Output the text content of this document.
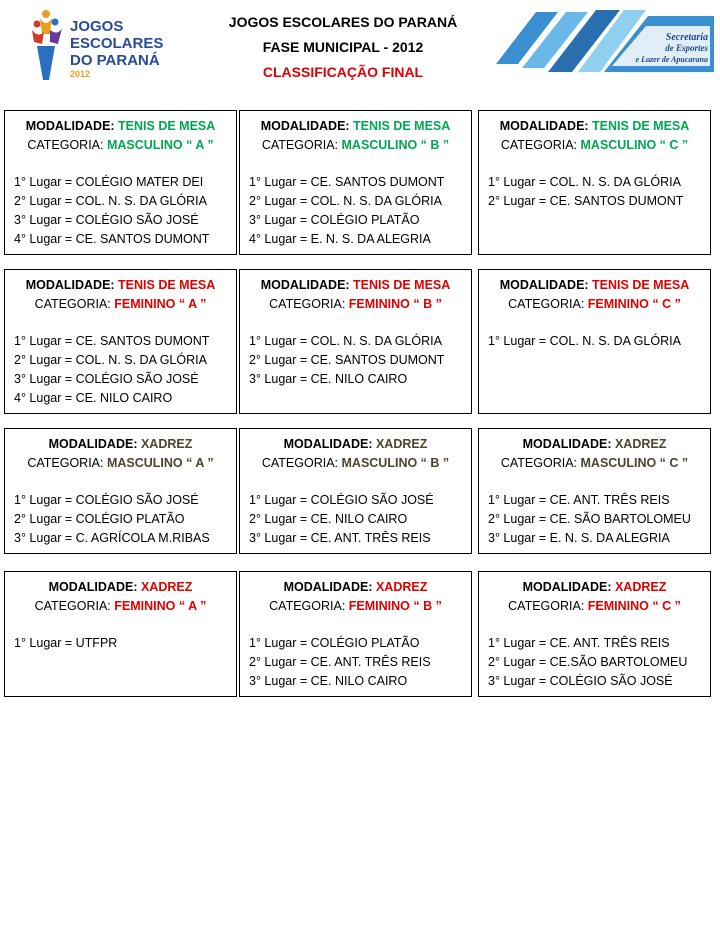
JOGOS
ESCOLARES
DO PARANÁ
2012
JOGOS ESCOLARES DO PARANÁ
FASE MUNICIPAL - 2012
CLASSIFICAÇÃO FINAL
Secretaria
de Esportes
e Lazer de Apucarana
MODALIDADE: TENIS DE MESA
CATEGORIA: MASCULINO “ A ”
1° Lugar = COLÉGIO MATER DEI
2° Lugar = COL. N. S. DA GLÓRIA
3° Lugar = COLÉGIO SÃO JOSÉ
4° Lugar = CE. SANTOS DUMONT
MODALIDADE: TENIS DE MESA
CATEGORIA: MASCULINO “ B ”
1° Lugar = CE. SANTOS DUMONT
2° Lugar = COL. N. S. DA GLÓRIA
3° Lugar = COLÉGIO PLATÃO
4° Lugar = E. N. S. DA ALEGRIA
MODALIDADE: TENIS DE MESA
CATEGORIA: MASCULINO “ C ”
1° Lugar = COL. N. S. DA GLÓRIA
2° Lugar = CE. SANTOS DUMONT
MODALIDADE: TENIS DE MESA
CATEGORIA: FEMININO “ A ”
1° Lugar = CE. SANTOS DUMONT
2° Lugar = COL. N. S. DA GLÓRIA
3° Lugar = COLÉGIO SÃO JOSÉ
4° Lugar = CE. NILO CAIRO
MODALIDADE: TENIS DE MESA
CATEGORIA: FEMININO “ B ”
1° Lugar = COL. N. S. DA GLÓRIA
2° Lugar = CE. SANTOS DUMONT
3° Lugar = CE. NILO CAIRO
MODALIDADE: TENIS DE MESA
CATEGORIA: FEMININO “ C ”
1° Lugar = COL. N. S. DA GLÓRIA
MODALIDADE: XADREZ
CATEGORIA: MASCULINO “ A ”
1° Lugar = COLÉGIO SÃO JOSÉ
2° Lugar = COLÉGIO PLATÃO
3° Lugar = C. AGRÍCOLA M.RIBAS
MODALIDADE: XADREZ
CATEGORIA: MASCULINO “ B ”
1° Lugar = COLÉGIO SÃO JOSÉ
2° Lugar = CE. NILO CAIRO
3° Lugar = CE. ANT. TRÊS REIS
MODALIDADE: XADREZ
CATEGORIA: MASCULINO “ C ”
1° Lugar = CE. ANT. TRÊS REIS
2° Lugar = CE. SÃO BARTOLOMEU
3° Lugar = E. N. S. DA ALEGRIA
MODALIDADE: XADREZ
CATEGORIA: FEMININO “ A ”
1° Lugar = UTFPR
MODALIDADE: XADREZ
CATEGORIA: FEMININO “ B ”
1° Lugar = COLÉGIO PLATÃO
2° Lugar = CE. ANT. TRÊS REIS
3° Lugar = CE. NILO CAIRO
MODALIDADE: XADREZ
CATEGORIA: FEMININO “ C ”
1° Lugar = CE. ANT. TRÊS REIS
2° Lugar = CE.SÃO BARTOLOMEU
3° Lugar = COLÉGIO SÃO JOSÉ
